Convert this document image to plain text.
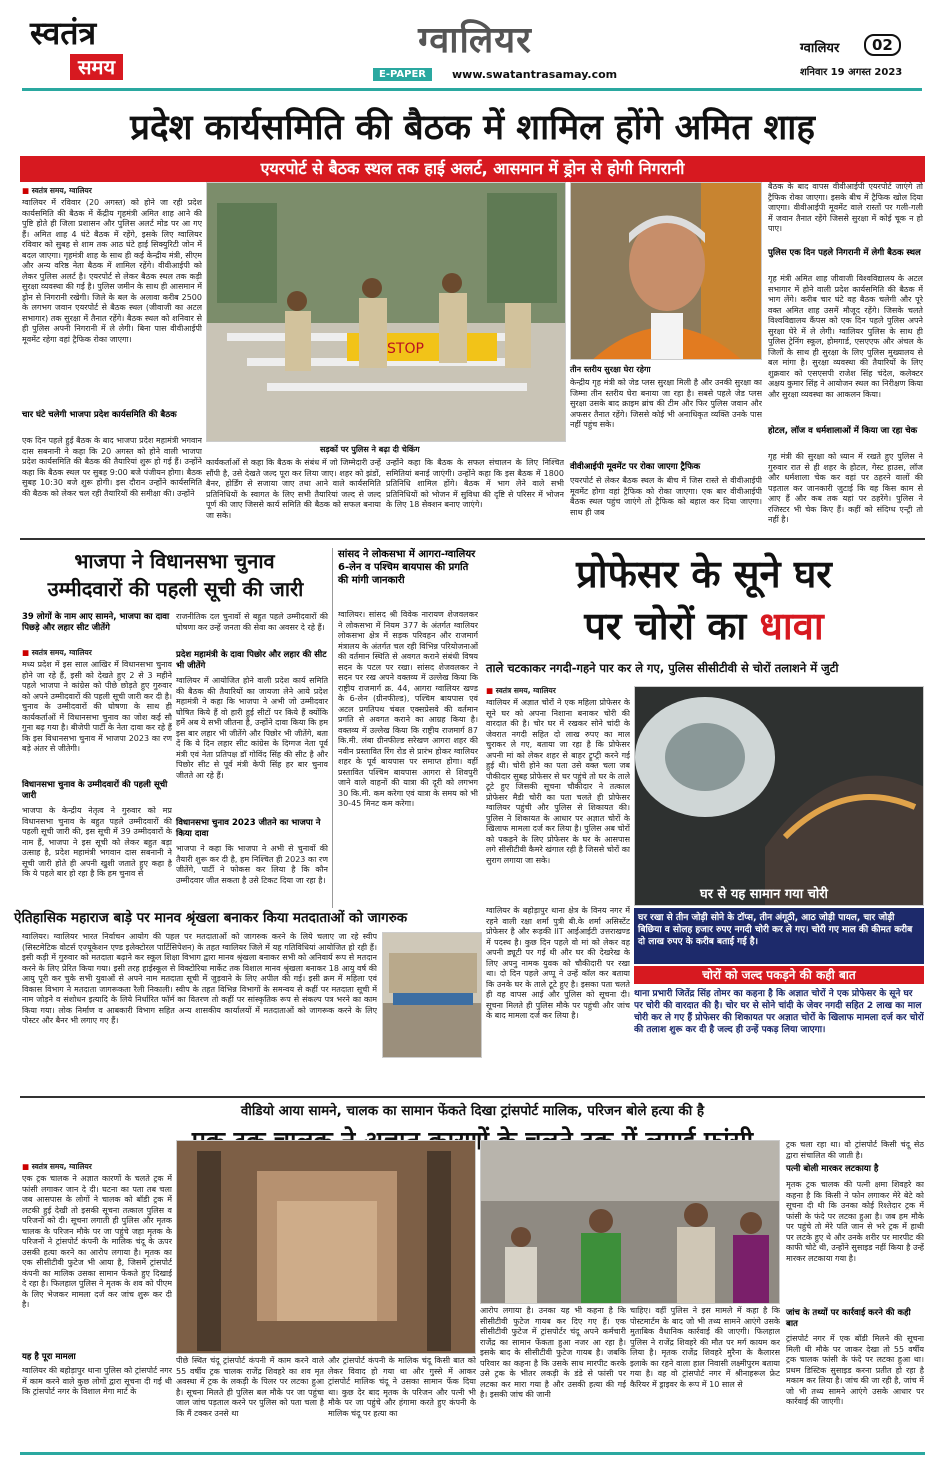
स्वतंत्र
समय
ग्वालियर
E-PAPER	www.swatantrasamay.com
ग्वालियर	02
शनिवार 19 अगस्त 2023
प्रदेश कार्यसमिति की बैठक में शामिल होंगे अमित शाह
एयरपोर्ट से बैठक स्थल तक हाई अलर्ट, आसमान में ड्रोन से होगी निगरानी
■ स्वतंत्र समय, ग्वालियर
ग्वालियर में रविवार (20 अगस्त) को होने जा रही प्रदेश कार्यसमिति की बैठक में केंद्रीय गृहमंत्री अमित शाह आने की पुष्टि होते ही जिला प्रशासन और पुलिस अलर्ट मोड पर आ गए हैं। अमित शाह 4 घंटे बैठक में रहेंगे, इसके लिए ग्वालियर रविवार को सुबह से शाम तक आठ घंटे हाई सिक्युरिटी जोन में बदल जाएगा। गृहमंत्री शाह के साथ ही कई केन्द्रीय मंत्री, सीएम और अन्य वरिष्ठ नेता बैठक में शामिल रहेंगे। वीवीआईपी को लेकर पुलिस अलर्ट है। एयरपोर्ट से लेकर बैठक स्थल तक कड़ी सुरक्षा व्यवस्था की गई है। पुलिस जमीन के साथ ही आसमान में ड्रोन से निगरानी रखेगी। जिले के बल के अलावा करीब 2500 के लगभग जवान एयरपोर्ट से बैठक स्थल (जीवाजी का अटल सभागार) तक सुरक्षा में तैनात रहेंगे। बैठक स्थल को शनिवार से ही पुलिस अपनी निगरानी में ले लेगी। बिना पास वीवीआईपी मूवमेंट रहेगा वहां ट्रैफिक रोका जाएगा।
चार घंटे चलेगी भाजपा प्रदेश कार्यसमिति की बैठक
एक दिन पहले हुई बैठक के बाद भाजपा प्रदेश महामंत्री भगवान दास सबनानी ने कहा कि 20 अगस्त को होने वाली भाजपा प्रदेश कार्यसमिति की बैठक की तैयारियां शुरू हो गई हैं। उन्होंने कहा कि बैठक स्थल पर सुबह 9:00 बजे पंजीयन होगा। बैठक सुबह 10:30 बजे शुरू होगी। इस दौरान उन्होंने कार्यसमिति की बैठक को लेकर चल रही तैयारियों की समीक्षा की। उन्होंने
STOP
सड़कों पर पुलिस ने बढ़ा दी चेकिंग
कार्यकर्ताओं से कहा कि बैठक के संबंध में जो जिम्मेदारी उन्हें सौंपी है, उसे देखते जल्द पूरा कर लिया जाए। शहर को झंडों, बैनर, होर्डिंग से सजाया जाए तथा आने वाले कार्यसमिति प्रतिनिधियों के स्वागत के लिए सभी तैयारियां जल्द से जल्द पूर्ण की जाए जिससे कार्य समिति की बैठक को सफल बनाया जा सके।
उन्होंने कहा कि बैठक के सफल संचालन के लिए निश्चित समितियां बनाई जाएंगी। उन्होंने कहा कि इस बैठक में 1800 प्रतिनिधि शामिल होंगे। बैठक में भाग लेने वाले सभी प्रतिनिधियों को भोजन में सुविधा की दृष्टि से परिसर में भोजन के लिए 18 सेक्शन बनाए जाएंगे।
तीन स्तरीय सुरक्षा घेरा रहेगा
केन्द्रीय गृह मंत्री को जेड प्लस सुरक्षा मिली है और उनकी सुरक्षा का जिम्मा तीन स्तरीय घेरा बनाया जा रहा है। सबसे पहले जेड प्लस सुरक्षा उसके बाद क्राइम ब्रांच की टीम और फिर पुलिस जवान और अफसर तैनात रहेंगे। जिससे कोई भी अनाधिकृत व्यक्ति उनके पास नहीं पहुंच सके।
वीवीआईपी मूवमेंट पर रोका जाएगा ट्रैफिक
एयरपोर्ट से लेकर बैठक स्थल के बीच में जिस रास्ते से वीवीआईपी मूवमेंट होगा वहां ट्रैफिक को रोका जाएगा। एक बार वीवीआईपी बैठक स्थल पहुंच जाएंगे तो ट्रैफिक को बहाल कर दिया जाएगा। साथ ही जब
बैठक के बाद वापस वीवीआईपी एयरपोर्ट जाएंगे तो ट्रैफिक रोका जाएगा। इसके बीच में ट्रैफिक खोल दिया जाएगा। वीवीआईपी मूवमेंट वाले रास्तों पर गली-गली में जवान तैनात रहेंगे जिससे सुरक्षा में कोई चूक न हो पाए।
पुलिस एक दिन पहले निगरानी में लेगी बैठक स्थल
गृह मंत्री अमित शाह जीवाजी विश्वविद्यालय के अटल सभागार में होने वाली प्रदेश कार्यसमिति की बैठक में भाग लेंगे। करीब चार घंटे वह बैठक चलेगी और पूरे वक्त अमित शाह उसमें मौजूद रहेंगे। जिसके चलते विश्वविद्यालय कैंपस को एक दिन पहले पुलिस अपने सुरक्षा घेरे में ले लेगी। ग्वालियर पुलिस के साथ ही पुलिस ट्रेनिंग स्कूल, होमगार्ड, एसएएफ और अंचल के जिलों के साथ ही सुरक्षा के लिए पुलिस मुख्यालय से बल मांगा है। सुरक्षा व्यवस्था की तैयारियों के लिए शुक्रवार को एसएसपी राजेश सिंह चंदेल, कलेक्टर अक्षय कुमार सिंह ने आयोजन स्थल का निरीक्षण किया और सुरक्षा व्यवस्था का आकलन किया।
होटल, लॉज व धर्मशालाओं में किया जा रहा चेक
गृह मंत्री की सुरक्षा को ध्यान में रखते हुए पुलिस ने गुरुवार रात से ही शहर के होटल, गेस्ट हाउस, लॉज और धर्मशाला चेक कर वहां पर ठहरने वालों की पड़ताल कर जानकारी जुटाई कि वह किस काम से आए हैं और कब तक यहां पर ठहरेंगे। पुलिस ने रजिस्टर भी चेक किए हैं। कहीं को संदिग्ध एन्ट्री तो नहीं है।
भाजपा ने विधानसभा चुनाव
उम्मीदवारों की पहली सूची की जारी
39 लोगों के नाम आए सामने, भाजपा का दावा पिछड़े और लहार सीट जीतेंगे
■ स्वतंत्र समय, ग्वालियर
मध्य प्रदेश में इस साल आखिर में विधानसभा चुनाव होने जा रहे हैं, इसी को देखते हुए 2 से 3 महीने पहले भाजपा ने कांग्रेस को पीछे छोड़ते हुए गुरुवार को अपने उम्मीदवारों की पहली सूची जारी कर दी है। चुनाव के उम्मीदवारों की घोषणा के साथ ही कार्यकर्ताओं में विधानसभा चुनाव का जोश कई सौ गुना बढ़ गया है। बीजेपी पार्टी के नेता दावा कर रहे हैं कि इस विधानसभा चुनाव में भाजपा 2023 का रण बड़े अंतर से जीतेगी।
विधानसभा चुनाव के उम्मीदवारों की पहली सूची जारी
भाजपा के केन्द्रीय नेतृत्व ने गुरुवार को मप्र विधानसभा चुनाव के बहुत पहले उम्मीदवारों की पहली सूची जारी की, इस सूची में 39 उम्मीदवारों के नाम हैं, भाजपा ने इस सूची को लेकर बहुत बड़ा उत्साह है, प्रदेश महामंत्री भगवान दास सबनानी ने सूची जारी होते ही अपनी खुशी जताते हुए कहा है कि ये पहले बार हो रहा है कि हम चुनाव से
राजनीतिक दल चुनावों से बहुत पहले उम्मीदवारों की घोषणा कर उन्हें जनता की सेवा का अवसर दे रहे हैं।
प्रदेश महामंत्री के दावा पिछोर और लहार की सीट भी जीतेंगे
ग्वालियर में आयोजित होने वाली प्रदेश कार्य समिति की बैठक की तैयारियों का जायजा लेने आये प्रदेश महामंत्री ने कहा कि भाजपा ने अभी जो उम्मीदवार घोषित किये हैं वो हारी हुई सीटों पर किये हैं क्योंकि हमें अब ये सभी जीतना है, उन्होंने दावा किया कि हम इस बार लहार भी जीतेंगे और पिछोर भी जीतेंगे, बता दें कि ये दिन लहार सीट कांग्रेस के दिग्गज नेता पूर्व मंत्री एवं नेता प्रतिपक्ष डॉ गोविंद सिंह की सीट है और पिछोर सीट से पूर्व मंत्री केपी सिंह हर बार चुनाव जीतते आ रहे हैं।
विधानसभा चुनाव 2023 जीतने का भाजपा ने किया दावा
भाजपा ने कहा कि भाजपा ने अभी से चुनावों की तैयारी शुरू कर दी है, हम निश्चित ही 2023 का रण जीतेंगे, पार्टी ने फोकस कर लिया है कि कौन उम्मीदवार जीत सकता है उसे टिकट दिया जा रहा है।
सांसद ने लोकसभा में आगरा-ग्वालियर 6-लेन व पश्चिम बायपास की प्रगति की मांगी जानकारी
ग्वालियर। सांसद श्री विवेक नारायण शेजवलकर ने लोकसभा में नियम 377 के अंतर्गत ग्वालियर लोकसभा क्षेत्र में सड़क परिवहन और राजमार्ग मंत्रालय के अंतर्गत चल रही विभिन्न परियोजनाओं की वर्तमान स्थिति से अवगत कराने संबंधी विषय सदन के पटल पर रखा। सांसद शेजवलकर ने सदन पर रख अपने वक्तव्य में उल्लेख किया कि राष्ट्रीय राजमार्ग क्र. 44, आगरा ग्वालियर खण्ड के 6-लेन (ग्रीनफील्ड), पश्चिम बायपास एवं अटल प्रगतिपथ चंबल एक्सप्रेसवे की वर्तमान प्रगति से अवगत कराने का आग्रह किया है। वक्तव्य में उल्लेख किया कि राष्ट्रीय राजमार्ग 87 कि.मी. लंबा ग्रीनफील्ड सरेखण आगरा शहर की नवीन प्रस्तावित रिंग रोड से प्रारंभ होकर ग्वालियर शहर के पूर्व बायपास पर समाप्त होगा। वहीं प्रस्तावित पश्चिम बायपास आगरा से शिवपुरी जाने वाले वाहनों की यात्रा की दूरी को लगभग 30 कि.मी. कम करेगा एवं यात्रा के समय को भी 30-45 मिनट कम करेगा।
ऐतिहासिक महाराज बाड़े पर मानव श्रृंखला बनाकर किया मतदाताओं को जागरुक
ग्वालियर। ग्वालियर भारत निर्वाचन आयोग की पहल पर मतदाताओं को जागरुक करने के लिये चलाए जा रहे स्वीप (सिस्टमेटिक वोटर्स एज्यूकेशन एण्ड इलेक्टोरल पार्टिसिपेशन) के तहत ग्वालियर जिले में यह गतिविधियां आयोजित हो रही हैं। इसी कड़ी में गुरुवार को मतदाता बढ़ाने कर स्कूल शिक्षा विभाग द्वारा मानव श्रृंखला बनाकर सभी को अनिवार्य रूप से मतदान करने के लिए प्रेरित किया गया। इसी तरह हाईस्कूल से विक्टोरिया मार्केट तक विशाल मानव श्रृंखला बनाकर 18 आयु वर्ष की आयु पूरी कर चुके सभी युवाओं से अपने नाम मतदाता सूची में जुड़वाने के लिए अपील की गई। इसी क्रम में महिला एवं विकास विभाग ने मतदाता जागरूकता रैली निकाली। स्वीप के तहत विभिन्न विभागों के समन्वय से कहीं पर मतदाता सूची में नाम जोड़ने व संशोधन इत्यादि के लिये निर्धारित फॉर्म का वितरण तो कहीं पर सांस्कृतिक रूप से संकल्प पत्र भरने का काम किया गया। लोक निर्माण व आबकारी विभाग सहित अन्य शासकीय कार्यालयों में मतदाताओं को जागरूक करने के लिए पोस्टर और बैनर भी लगाए गए हैं।
प्रोफेसर के सूने घर
पर चोरों का धावा
ताले चटकाकर नगदी-गहने पार कर ले गए, पुलिस सीसीटीवी से चोरों तलाशने में जुटी
■ स्वतंत्र समय, ग्वालियर
ग्वालियर में अज्ञात चोरों ने एक महिला प्रोफेसर के सूने घर को अपना निशाना बनाकर चोरी की वारदात की है। चोर घर में रखकर सोने चांदी के जेवरात नगदी सहित दो लाख रुपए का माल चुराकर ले गए, बताया जा रहा है कि प्रोफेसर अपनी मां को लेकर शहर से बाहर ट्रूप्ट्री करने गई हुई थी। चोरी होने का पता उसे वक्त चला जब पौकीदार सुबह प्रोफेसर से घर पहुंचे तो घर के ताले टूटे हुए जिसकी सूचना चौकीदार ने तत्काल प्रोफेसर मैडी चोरी का पता चलते ही प्रोफेसर ग्वालियर पहुंची और पुलिस से शिकायत की। पुलिस ने शिकायत के आधार पर अज्ञात चोरों के खिलाफ मामला दर्ज कर लिया है। पुलिस अब चोरों को पकड़ने के लिए प्रोफेसर के घर के आसपास लगे सीसीटीवी कैमरे खंगाल रही है जिससे चोरों का सुराग लगाया जा सके।
ग्वालियर के बहोड़ापुर थाना क्षेत्र के विनय नगर में रहने वाली रक्षा शर्मा पुत्री बी.के शर्मा असिस्टेंट प्रोफेसर है और रूड़की IIT आईआईटी उत्तराखण्ड में पदस्थ है। कुछ दिन पहले वो मां को लेकर वह अपनी ड्यूटी पर गई थी और घर की देखरेख के लिए अपनु नामक युवक को चौकीदारी पर रखा था। दो दिन पहले अप्पू ने उन्हें कॉल कर बताया कि उनके घर के ताले टूटे हुए है। इसका पता चलते ही वह वापस आई और पुलिस को सूचना दी। सूचना मिलते ही पुलिस मौके पर पहुंची और जांच के बाद मामला दर्ज कर लिया है।
घर से यह सामान गया चोरी
घर रखा से तीन जोड़ी सोने के टॉप्स, तीन अंगूठी, आठ जोड़ी पायल, चार जोड़ी बिछिया व सोलह हजार रुपए नगदी चोरी कर ले गए। चोरी गए माल की कीमत करीब दो लाख रुपए के करीब बताई गई है।
चोरों को जल्द पकड़ने की कही बात
थाना प्रभारी जितेंद्र सिंह तोमर का कहना है कि अज्ञात चोरों ने एक प्रोफेसर के सूने घर पर चोरी की वारदात की है। चोर घर से सोने चांदी के जेवर नगदी सहित 2 लाख का माल चोरी कर ले गए हैं प्रोफेसर की शिकायत पर अज्ञात चोरों के खिलाफ मामला दर्ज कर चोरों की तलाश शुरू कर दी है जल्द ही उन्हें पकड़ लिया जाएगा।
वीडियो आया सामने, चालक का सामान फेंकते दिखा ट्रांसपोर्ट मालिक, परिजन बोले हत्या की है
■ स्वतंत्र समय, ग्वालियर
एक ट्रक चालक ने अज्ञात कारणों के चलते ट्रक में फांसी लगाकर जान दे दी। घटना का पता तब चला जब आसपास के लोगों ने चालक को बॉडी ट्रक में लटकी हुई देखी तो इसकी सूचना तत्काल पुलिस व परिजनों को दी। सूचना लगाती ही पुलिस और मृतक चालक के परिजन मौके पर जा पहुंचे जहा मृतक के परिजनों ने ट्रांसपोर्ट कंपनी के मालिक चंदू के ऊपर उसकी हत्या करने का आरोप लगाया है। मृतक का एक सीसीटीवी फुटेज भी आया है, जिसमें ट्रांसपोर्ट कंपनी का मालिक उसका सामान फेंकते हुए दिखाई दे रहा है। फिलहाल पुलिस ने मृतक के शव को पीएम के लिए भेजकर मामला दर्ज कर जांच शुरू कर दी है।
यह है पूरा मामला
ग्वालियर की बहोड़ापुर थाना पुलिस को ट्रांसपोर्ट नगर में काम करने वाले कुछ लोगों द्वारा सूचना दी गई थी कि ट्रांसपोर्ट नगर के विशाल मेगा मार्ट के
पीछे स्थित चंदू ट्रांसपोर्ट कंपनी में काम करने वाले 55 वर्षीय ट्रक चालक राजेंद्र शिवहरे का शव मृत अवस्था में ट्रक के लकड़ी के पिलर पर लटका हुआ है। सूचना मिलते ही पुलिस बल मौके पर जा पहुंचा जाल जांच पड़ताल करने पर पुलिस को पता चला है कि मैं टक्कर उनसे था
और ट्रांसपोर्ट कंपनी के मालिक चंदू किसी बात को लेकर विवाद हो गया था और गुस्से में आकर ट्रांसपोर्ट मालिक चंदू ने उसका सामान फेंक दिया था। कुछ देर बाद मृतक के परिजन और पत्नी भी मौके पर जा पहुंचे और हंगामा करते हुए कंपनी के मालिक चंदू पर हत्या का
आरोप लगाया है। उनका यह भी कहना है कि सीसीटीवी फुटेज गायब कर दिए गए हैं। एक सीसीटीवी फुटेज में ट्रांसपोर्टर चंदू अपने कर्मचारी राजेंद्र का सामान फेंकता हुआ नजर आ रहा है। इसके बाद के सीसीटीवी फुटेज गायब है। जबकि परिवार का कहना है कि उसके साथ मारपीट करके उसे ट्रक के भीतर लकड़ी के डंडे से फांसी पर लटका कर मारा गया है और उसकी हत्या की गई है। इसकी जांच की जानी
चाहिए। वहीं पुलिस ने इस मामले में कहा है कि पोस्टमार्टम के बाद जो भी तथ्य सामने आएंगे उसके मुताबिक वैधानिक कार्रवाई की जाएगी। फिलहाल पुलिस ने राजेंद्र शिवहरे की मौत पर मर्ग कायम कर लिया है। मृतक राजेंद्र शिवहरे मुरैना के कैलारस इलाके का रहने वाला हाल निवासी लक्ष्मीपुरम बताया गया है। वह वो ट्रांसपोर्ट नगर में श्रीनाहरूल फ्रेट कैरियर में ड्राइवर के रूप में 10 साल से
ट्रक चला रहा था। वो ट्रांसपोर्ट किसी चंदू सेठ द्वारा संचालित की जाती है।
पत्नी बोली मारकर लटकाया है
मृतक ट्रक चालक की पत्नी क्षमा शिवहरे का कहना है कि किसी ने फोन लगाकर मेरे बेटे को सूचना दी थी कि उनका कोई रिश्तेदार ट्रक में फांसी के फंदे पर लटका हुआ है। जब हम मौके पर पहुंचे तो मेरे पति जान से भरे ट्रक में हाथी पर लटके हुए थे और उनके शरीर पर मारपीट की काफी चोटे थी, उन्होंने सुसाइड नहीं किया है उन्हें मारकर लटकाया गया है।
जांच के तथ्यों पर कार्रवाई करने की कही बात
ट्रांसपोर्ट नगर में एक बॉडी मिलने की सूचना मिली थी मौके पर जाकर देखा तो 55 वर्षीय ट्रक चालक फांसी के फंदे पर लटका हुआ था। प्रथम डिस्टिक सुसाइड करना प्रतीत हो रहा है मकाम कर लिया है। जांच की जा रही है, जांच में जो भी तथ्य सामने आएंगे उसके आधार पर कार्रवाई की जाएगी।
